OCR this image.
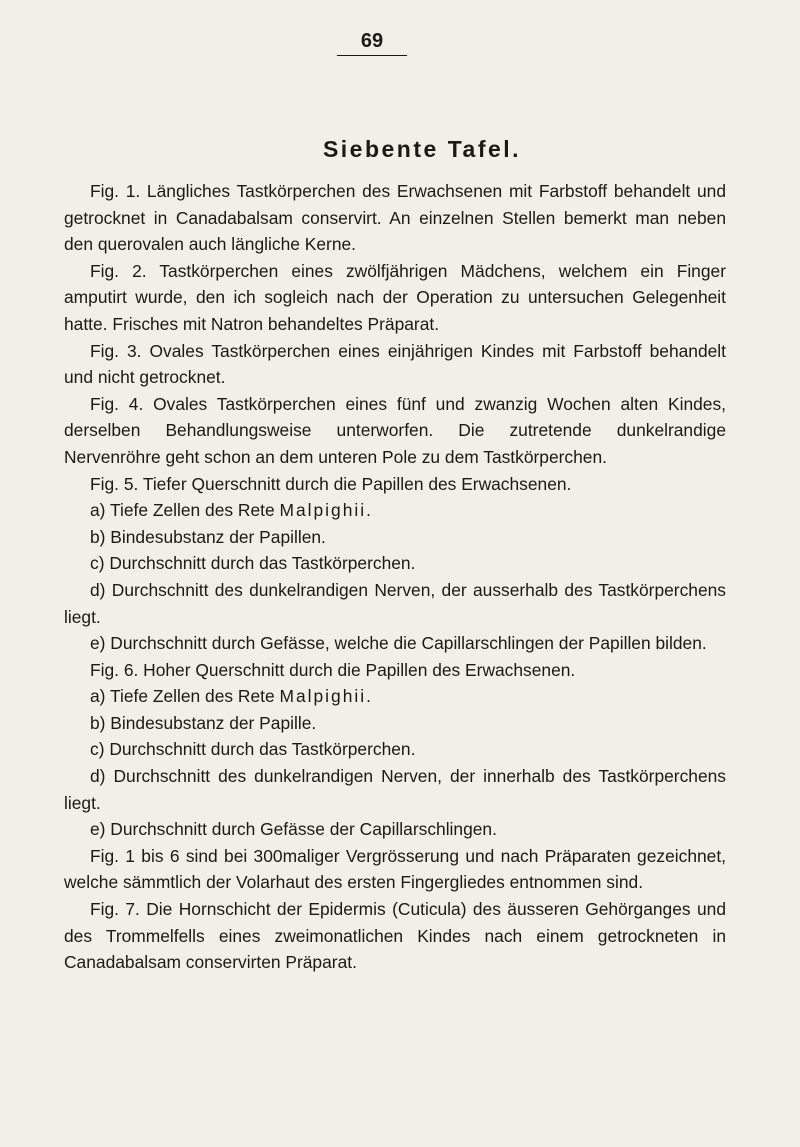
69
Siebente Tafel.

Fig. 1. Längliches Tastkörperchen des Erwachsenen mit Farbstoff behandelt und getrocknet in Canadabalsam conservirt. An einzelnen Stellen bemerkt man neben den querovalen auch längliche Kerne.

Fig. 2. Tastkörperchen eines zwölfjährigen Mädchens, welchem ein Finger amputirt wurde, den ich sogleich nach der Operation zu untersuchen Gelegenheit hatte. Frisches mit Natron behandeltes Präparat.

Fig. 3. Ovales Tastkörperchen eines einjährigen Kindes mit Farbstoff behandelt und nicht getrocknet.

Fig. 4. Ovales Tastkörperchen eines fünf und zwanzig Wochen alten Kindes, derselben Behandlungsweise unterworfen. Die zutretende dunkelrandige Nervenröhre geht schon an dem unteren Pole zu dem Tastkörperchen.

Fig. 5. Tiefer Querschnitt durch die Papillen des Erwachsenen.

a) Tiefe Zellen des Rete Malpighii.

b) Bindesubstanz der Papillen.

c) Durchschnitt durch das Tastkörperchen.

d) Durchschnitt des dunkelrandigen Nerven, der ausserhalb des Tastkörperchens liegt.

e) Durchschnitt durch Gefässe, welche die Capillarschlingen der Papillen bilden.

Fig. 6. Hoher Querschnitt durch die Papillen des Erwachsenen.

a) Tiefe Zellen des Rete Malpighii.

b) Bindesubstanz der Papille.

c) Durchschnitt durch das Tastkörperchen.

d) Durchschnitt des dunkelrandigen Nerven, der innerhalb des Tastkörperchens liegt.

e) Durchschnitt durch Gefässe der Capillarschlingen.

Fig. 1 bis 6 sind bei 300maliger Vergrösserung und nach Präparaten gezeichnet, welche sämmtlich der Volarhaut des ersten Fingergliedes entnommen sind.

Fig. 7. Die Hornschicht der Epidermis (Cuticula) des äusseren Gehörganges und des Trommelfells eines zweimonatlichen Kindes nach einem getrockneten in Canadabalsam conservirten Präparat.
